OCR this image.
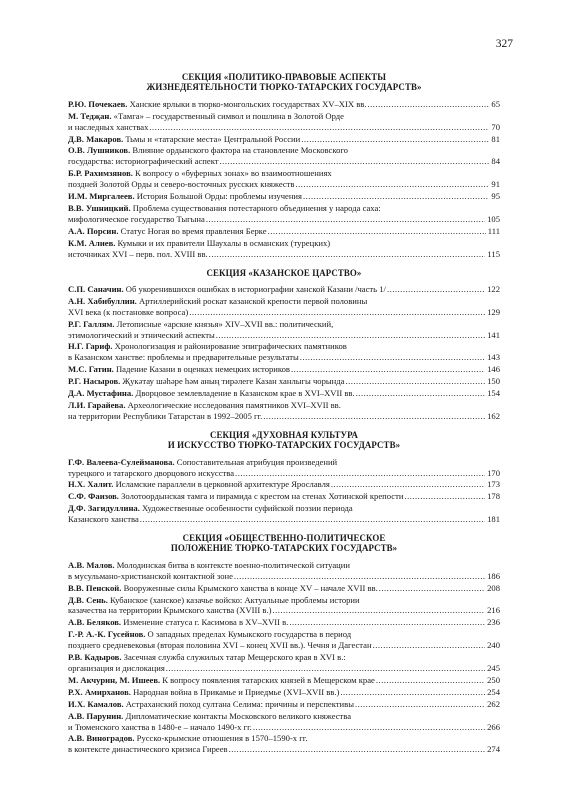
327
СЕКЦИЯ «ПОЛИТИКО-ПРАВОВЫЕ АСПЕКТЫ
ЖИЗНЕДЕЯТЕЛЬНОСТИ ТЮРКО-ТАТАРСКИХ ГОСУДАРСТВ»
Р.Ю. Почекаев. Ханские ярлыки в тюрко-монгольских государствах XV–XIX вв. .....	65
М. Тедҗан. «Тамга» – государственный символ и пошлина в Золотой Орде
и наследных ханствах .....	70
Д.В. Макаров. Тьмы и «татарские места» Центральной России .....	81
О.В. Лушников. Влияние ордынского фактора на становление Московского
государства: историографический аспект .....	84
Б.Р. Рахимзянов. К вопросу о «буферных зонах» во взаимоотношениях
поздней Золотой Орды и северо-восточных русских княжеств .....	91
И.М. Миргалеев. История Большой Орды: проблемы изучения .....	95
В.В. Ушницкий. Проблема существования потестарного объединения у народа саха:
мифологическое государство Тыгына .....	105
А.А. Порсин. Статус Ногая во время правления Берке .....	111
К.М. Алиев. Кумыки и их правители Шаухалы в османских (турецких)
источниках XVI – перв. пол. XVIII вв. .....	115
СЕКЦИЯ «КАЗАНСКОЕ ЦАРСТВО»
С.П. Саначин. Об укоренившихся ошибках в историографии ханской Казани /часть 1/ .....	122
А.Н. Хабибуллин. Артиллерийский роскат казанской крепости первой половины
XVI века (к постановке вопроса) .....	129
Р.Г. Галлям. Летописные «арские князья» XIV–XVII вв.: политический,
этимологический и этнический аспекты .....	141
Н.Г. Гариф. Хронологизация и районирование эпиграфических памятников
в Казанском ханстве: проблемы и предварительные результаты .....	143
М.С. Гатин. Падение Казани в оценках немецких историков .....	146
Р.Г. Насыров. Җукәтау шәһәре һәм аның тирәлеге Казан ханлыгы чорында .....	150
Д.А. Мустафина. Дворцовое землевладение в Казанском крае в XVI–XVII вв. .....	154
Л.И. Гарайева. Археологические исследования памятников XVI–XVII вв.
на территории Республики Татарстан в 1992–2005 гг. .....	162
СЕКЦИЯ «ДУХОВНАЯ КУЛЬТУРА
И ИСКУССТВО ТЮРКО-ТАТАРСКИХ ГОСУДАРСТВ»
Г.Ф. Валеева-Сулейманова. Сопоставительная атрибуция произведений
турецкого и татарского дворцового искусства .....	170
Н.Х. Халит. Исламские параллели в церковной архитектуре Ярославля .....	173
С.Ф. Фаизов. Золотоордынская тамга и пирамида с крестом на стенах Хотинской крепости .....	178
Д.Ф. Загидуллина. Художественные особенности суфийской поэзии периода
Казанского ханства .....	181
СЕКЦИЯ «ОБЩЕСТВЕННО-ПОЛИТИЧЕСКОЕ
ПОЛОЖЕНИЕ ТЮРКО-ТАТАРСКИХ ГОСУДАРСТВ»
А.В. Малов. Молодинская битва в контексте военно-политической ситуации
в мусульмано-христианской контактной зоне .....	186
В.В. Пенской. Вооруженные силы Крымского ханства в конце XV – начале XVII вв. .....	208
Д.В. Сень. Кубанское (ханское) казачье войско: Актуальные проблемы истории
казачества на территории Крымского ханства (XVIII в.) .....	216
А.В. Беляков. Изменение статуса г. Касимова в XV–XVII в. .....	236
Г.-Р. А.-К. Гусейнов. О западных пределах Кумыкского государства в период
позднего средневековья (вторая половина XVI – конец XVII вв.). Чечня и Дагестан .....	240
Р.В. Кадыров. Засечная служба служилых татар Мещерского края в XVI в.:
организация и дислокация .....	245
М. Акчурин, М. Ишеев. К вопросу появления татарских князей в Мещерском крае .....	250
Р.Х. Амирханов. Народная война в Прикамье и Приедмье (XVI–XVII вв.) .....	254
И.Х. Камалов. Астраханский поход султана Селима: причины и перспективы .....	262
А.В. Парунин. Дипломатические контакты Московского великого княжества
и Тюменского ханства в 1480-е – начало 1490-х гг. .....	266
А.В. Виноградов. Русско-крымские отношения в 1570–1590-х гг.
в контексте династического кризиса Гиреев .....	274
